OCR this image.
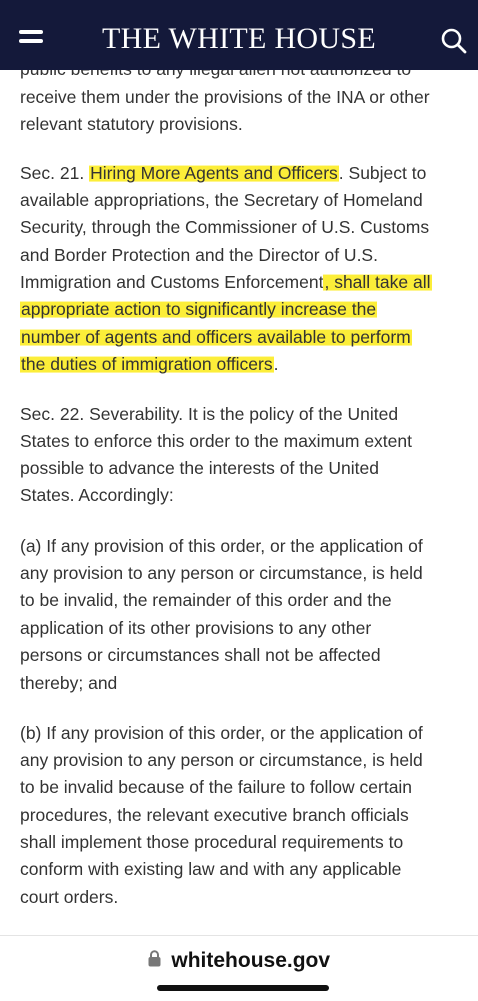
receive them under the provisions of the INA or other
relevant statutory provisions.
Sec. 21. Hiring More Agents and Officers. Subject to
available appropriations, the Secretary of Homeland
Security, through the Commissioner of U.S. Customs
and Border Protection and the Director of U.S.
Immigration and Customs Enforcement, shall take all
appropriate action to significantly increase the
number of agents and officers available to perform
the duties of immigration officers.
Sec. 22. Severability. It is the policy of the United
States to enforce this order to the maximum extent
possible to advance the interests of the United
States. Accordingly:
(a) If any provision of this order, or the application of
any provision to any person or circumstance, is held
to be invalid, the remainder of this order and the
application of its other provisions to any other
persons or circumstances shall not be affected
thereby; and
(b) If any provision of this order, or the application of
any provision to any person or circumstance, is held
to be invalid because of the failure to follow certain
procedures, the relevant executive branch officials
shall implement those procedural requirements to
conform with existing law and with any applicable
court orders.
THE WHITE HOUSE
whitehouse.gov
